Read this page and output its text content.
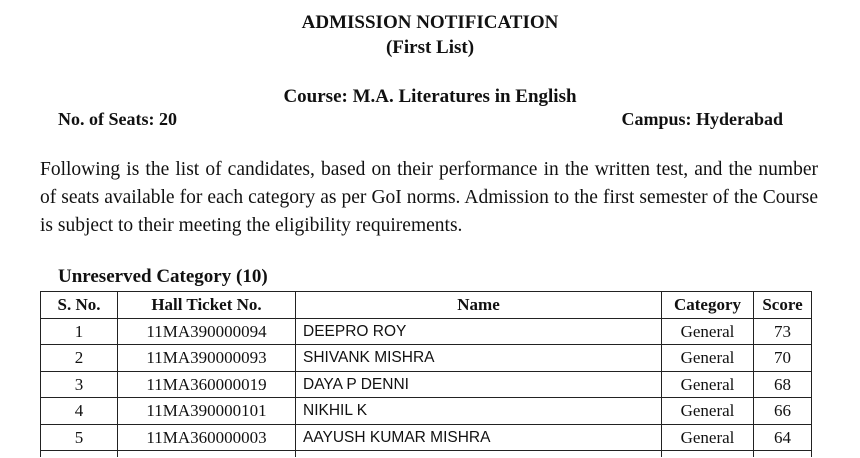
ADMISSION NOTIFICATION
(First List)
Course: M.A. Literatures in English
No. of Seats: 20	Campus: Hyderabad
Following is the list of candidates, based on their performance in the written test, and the number of seats available for each category as per GoI norms. Admission to the first semester of the Course is subject to their meeting the eligibility requirements.
Unreserved Category (10)
S. No.	Hall Ticket No.	Name	Category	Score
1	11MA390000094	DEEPRO ROY	General	73
2	11MA390000093	SHIVANK MISHRA	General	70
3	11MA360000019	DAYA P DENNI	General	68
4	11MA390000101	NIKHIL K	General	66
5	11MA360000003	AAYUSH KUMAR MISHRA	General	64
